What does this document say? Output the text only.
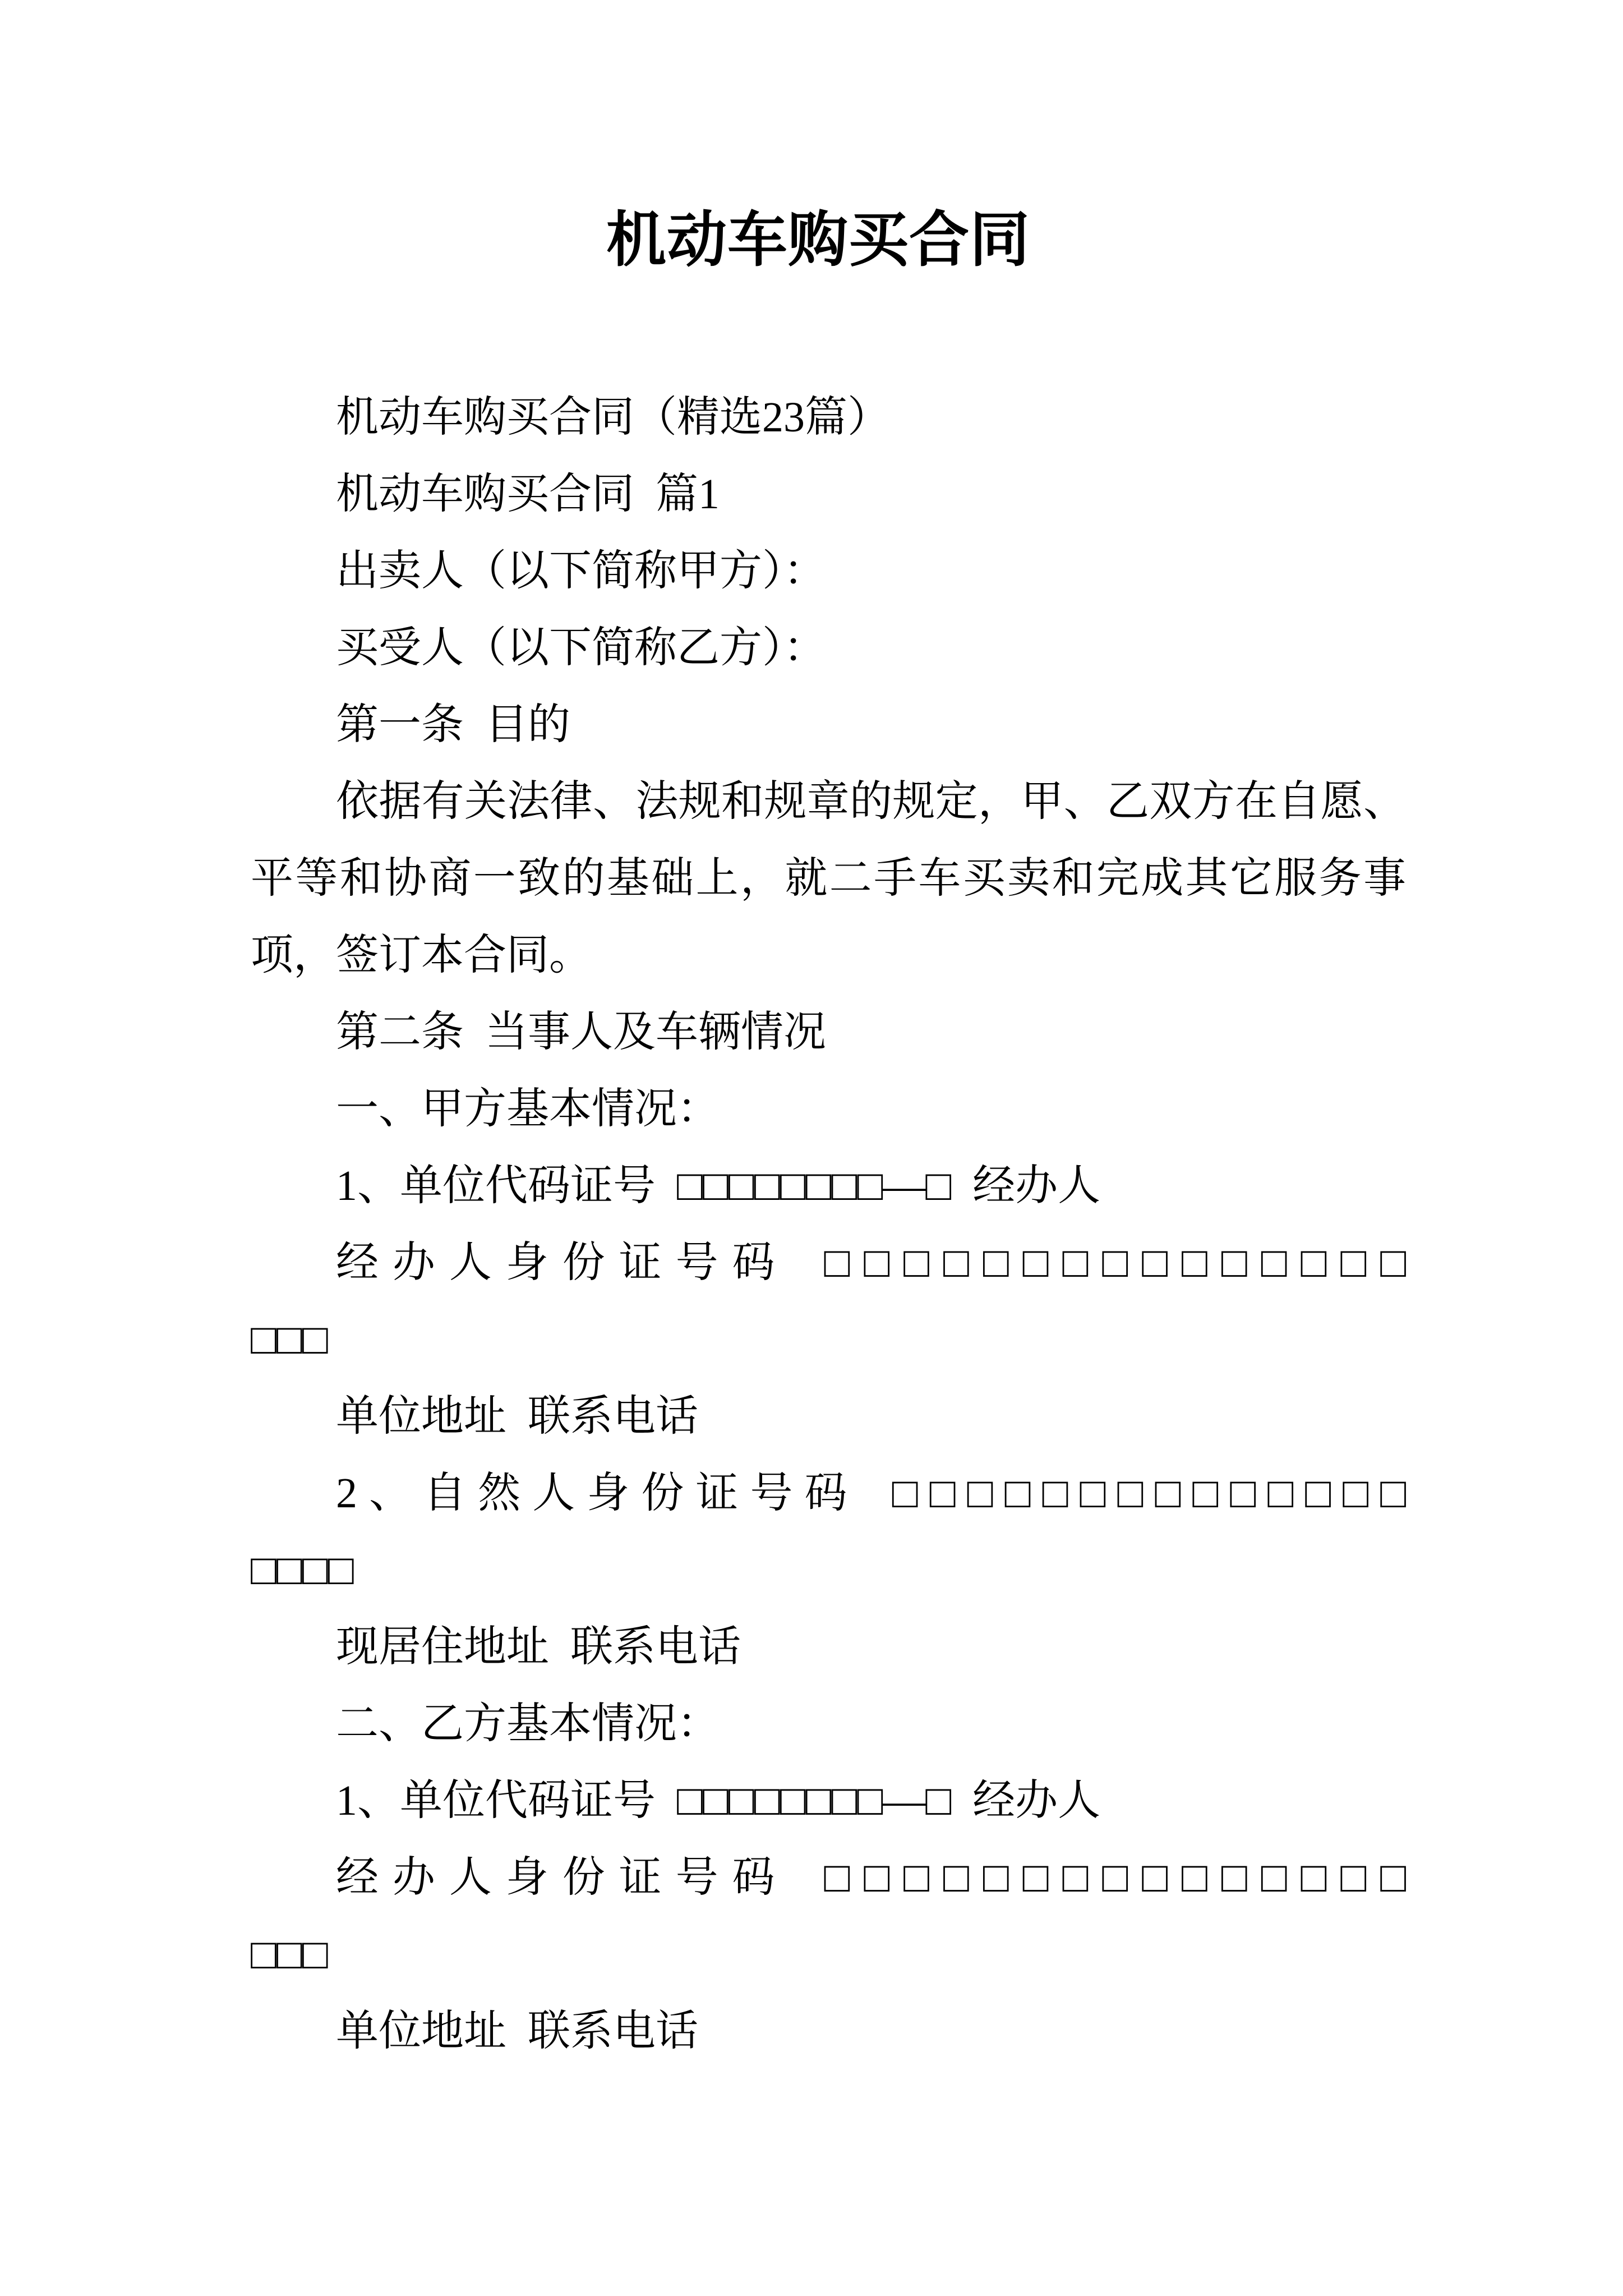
机动车购买合同
机动车购买合同（精选23篇）
机动车购买合同 篇1
出卖人（以下简称甲方）：
买受人（以下简称乙方）：
第一条 目的
依据有关法律、法规和规章的规定，甲、乙双方在自愿、
平等和协商一致的基础上，就二手车买卖和完成其它服务事
项，签订本合同。
第二条 当事人及车辆情况
一、甲方基本情况：
1、单位代码证号 □□□□□□□□—□ 经办人
经办人身份证号码 □□□□□□□□□□□□□□□
□□□
单位地址 联系电话
2、自然人身份证号码 □□□□□□□□□□□□□□
□□□□
现居住地址 联系电话
二、乙方基本情况：
1、单位代码证号 □□□□□□□□—□ 经办人
经办人身份证号码 □□□□□□□□□□□□□□□
□□□
单位地址 联系电话
